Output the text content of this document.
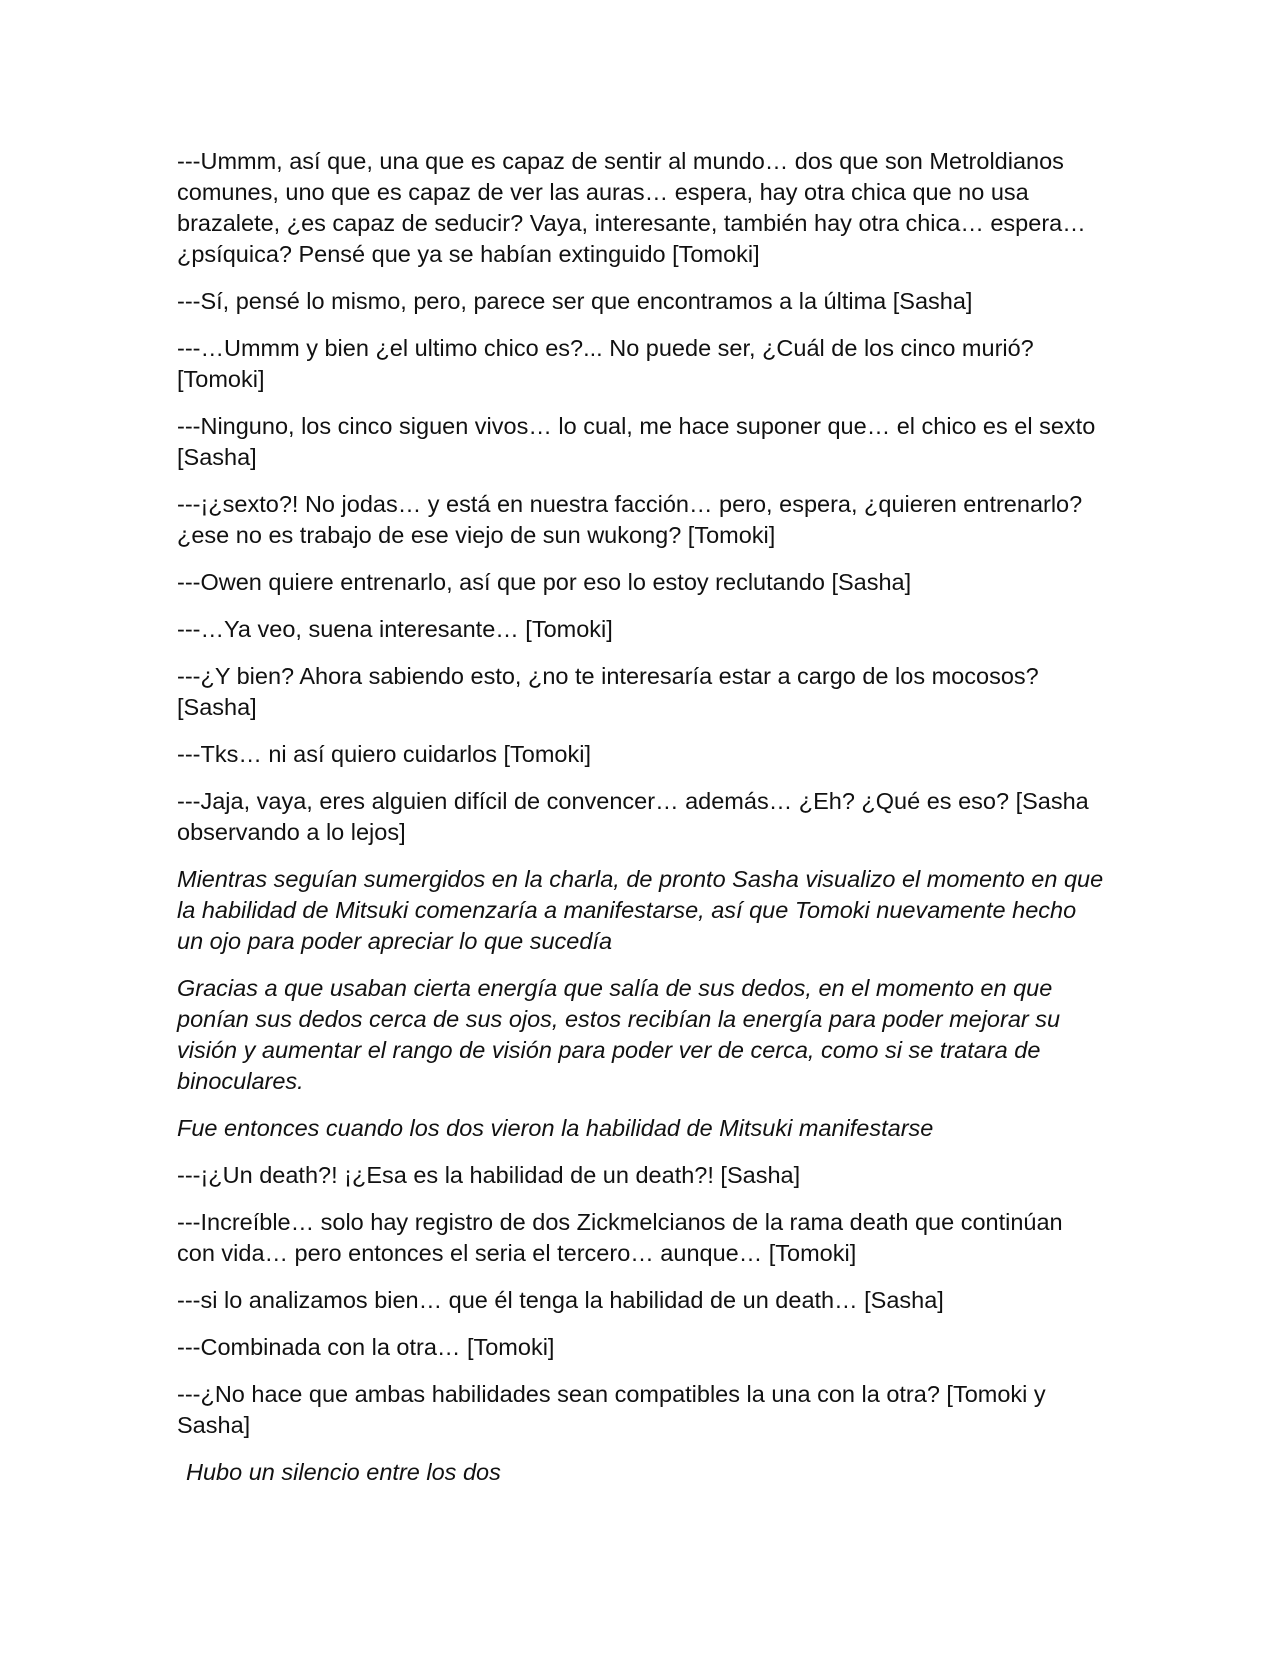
---Ummm, así que, una que es capaz de sentir al mundo… dos que son Metroldianos comunes, uno que es capaz de ver las auras… espera, hay otra chica que no usa brazalete, ¿es capaz de seducir? Vaya, interesante, también hay otra chica… espera… ¿psíquica? Pensé que ya se habían extinguido [Tomoki]

---Sí, pensé lo mismo, pero, parece ser que encontramos a la última [Sasha]

---…Ummm y bien ¿el ultimo chico es?... No puede ser, ¿Cuál de los cinco murió? [Tomoki]

---Ninguno, los cinco siguen vivos… lo cual, me hace suponer que… el chico es el sexto [Sasha]

---¡¿sexto?! No jodas… y está en nuestra facción… pero, espera, ¿quieren entrenarlo? ¿ese no es trabajo de ese viejo de sun wukong? [Tomoki]

---Owen quiere entrenarlo, así que por eso lo estoy reclutando [Sasha]

---…Ya veo, suena interesante… [Tomoki]

---¿Y bien? Ahora sabiendo esto, ¿no te interesaría estar a cargo de los mocosos? [Sasha]

---Tks… ni así quiero cuidarlos [Tomoki]

---Jaja, vaya, eres alguien difícil de convencer… además… ¿Eh? ¿Qué es eso? [Sasha observando a lo lejos]

Mientras seguían sumergidos en la charla, de pronto Sasha visualizo el momento en que la habilidad de Mitsuki comenzaría a manifestarse, así que Tomoki nuevamente hecho un ojo para poder apreciar lo que sucedía

Gracias a que usaban cierta energía que salía de sus dedos, en el momento en que ponían sus dedos cerca de sus ojos, estos recibían la energía para poder mejorar su visión y aumentar el rango de visión para poder ver de cerca, como si se tratara de binoculares.

Fue entonces cuando los dos vieron la habilidad de Mitsuki manifestarse

---¡¿Un death?! ¡¿Esa es la habilidad de un death?! [Sasha]

---Increíble… solo hay registro de dos Zickmelcianos de la rama death que continúan con vida… pero entonces el seria el tercero… aunque… [Tomoki]

---si lo analizamos bien… que él tenga la habilidad de un death… [Sasha]

---Combinada con la otra… [Tomoki]

---¿No hace que ambas habilidades sean compatibles la una con la otra? [Tomoki y Sasha]

Hubo un silencio entre los dos
